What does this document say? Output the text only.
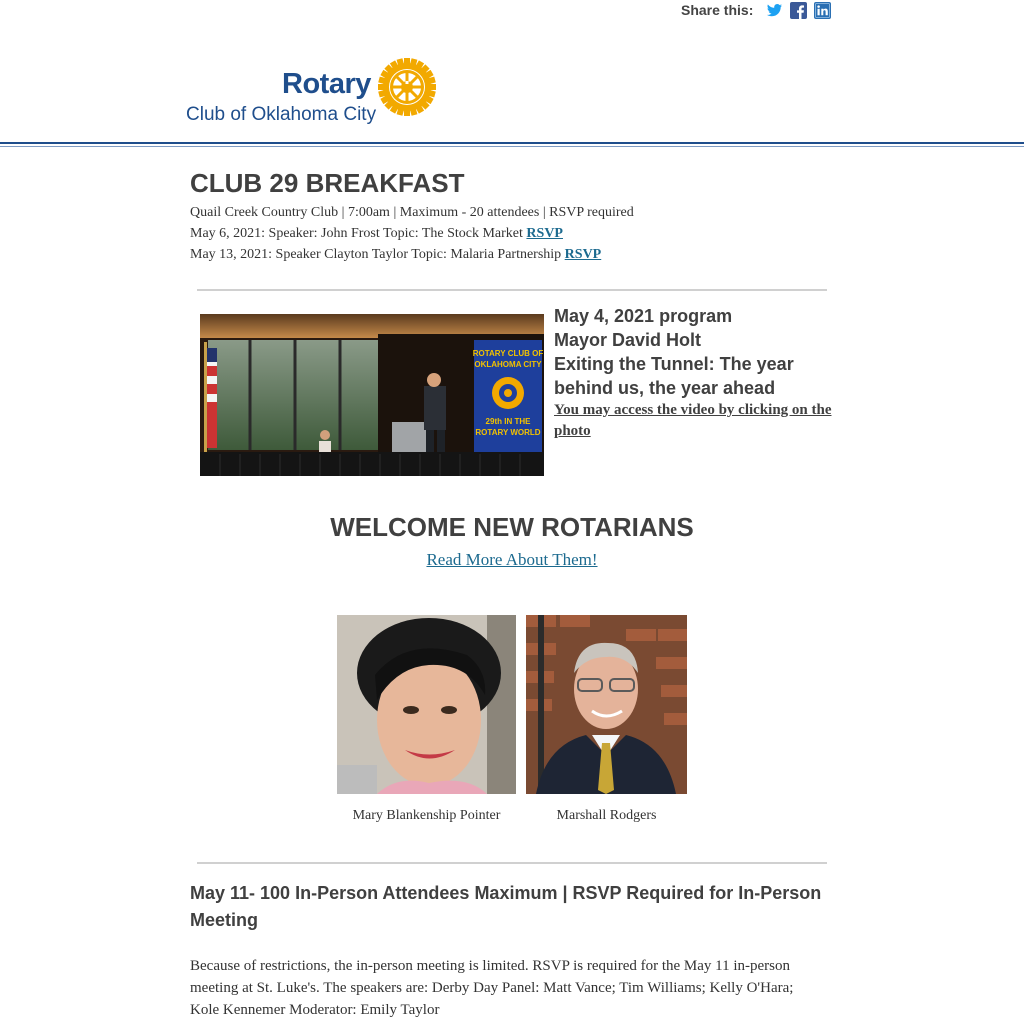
Share this:
Rotary
Club of Oklahoma City
CLUB 29 BREAKFAST
Quail Creek Country Club | 7:00am | Maximum - 20 attendees | RSVP required
May 6, 2021: Speaker: John Frost Topic: The Stock Market RSVP
May 13, 2021: Speaker Clayton Taylor Topic: Malaria Partnership RSVP
ROTARY CLUB OF
OKLAHOMA CITY
29th IN THE
ROTARY WORLD
May 4, 2021 program
Mayor David Holt
Exiting the Tunnel: The year behind us, the year ahead
You may access the video by clicking on the photo
WELCOME NEW ROTARIANS
Read More About Them!
Mary Blankenship Pointer	Marshall Rodgers
May 11- 100 In-Person Attendees Maximum | RSVP Required for In-Person Meeting

Because of restrictions, the in-person meeting is limited. RSVP is required for the May 11 in-person meeting at St. Luke's. The speakers are: Derby Day Panel: Matt Vance; Tim Williams; Kelly O'Hara; Kole Kennemer Moderator: Emily Taylor
